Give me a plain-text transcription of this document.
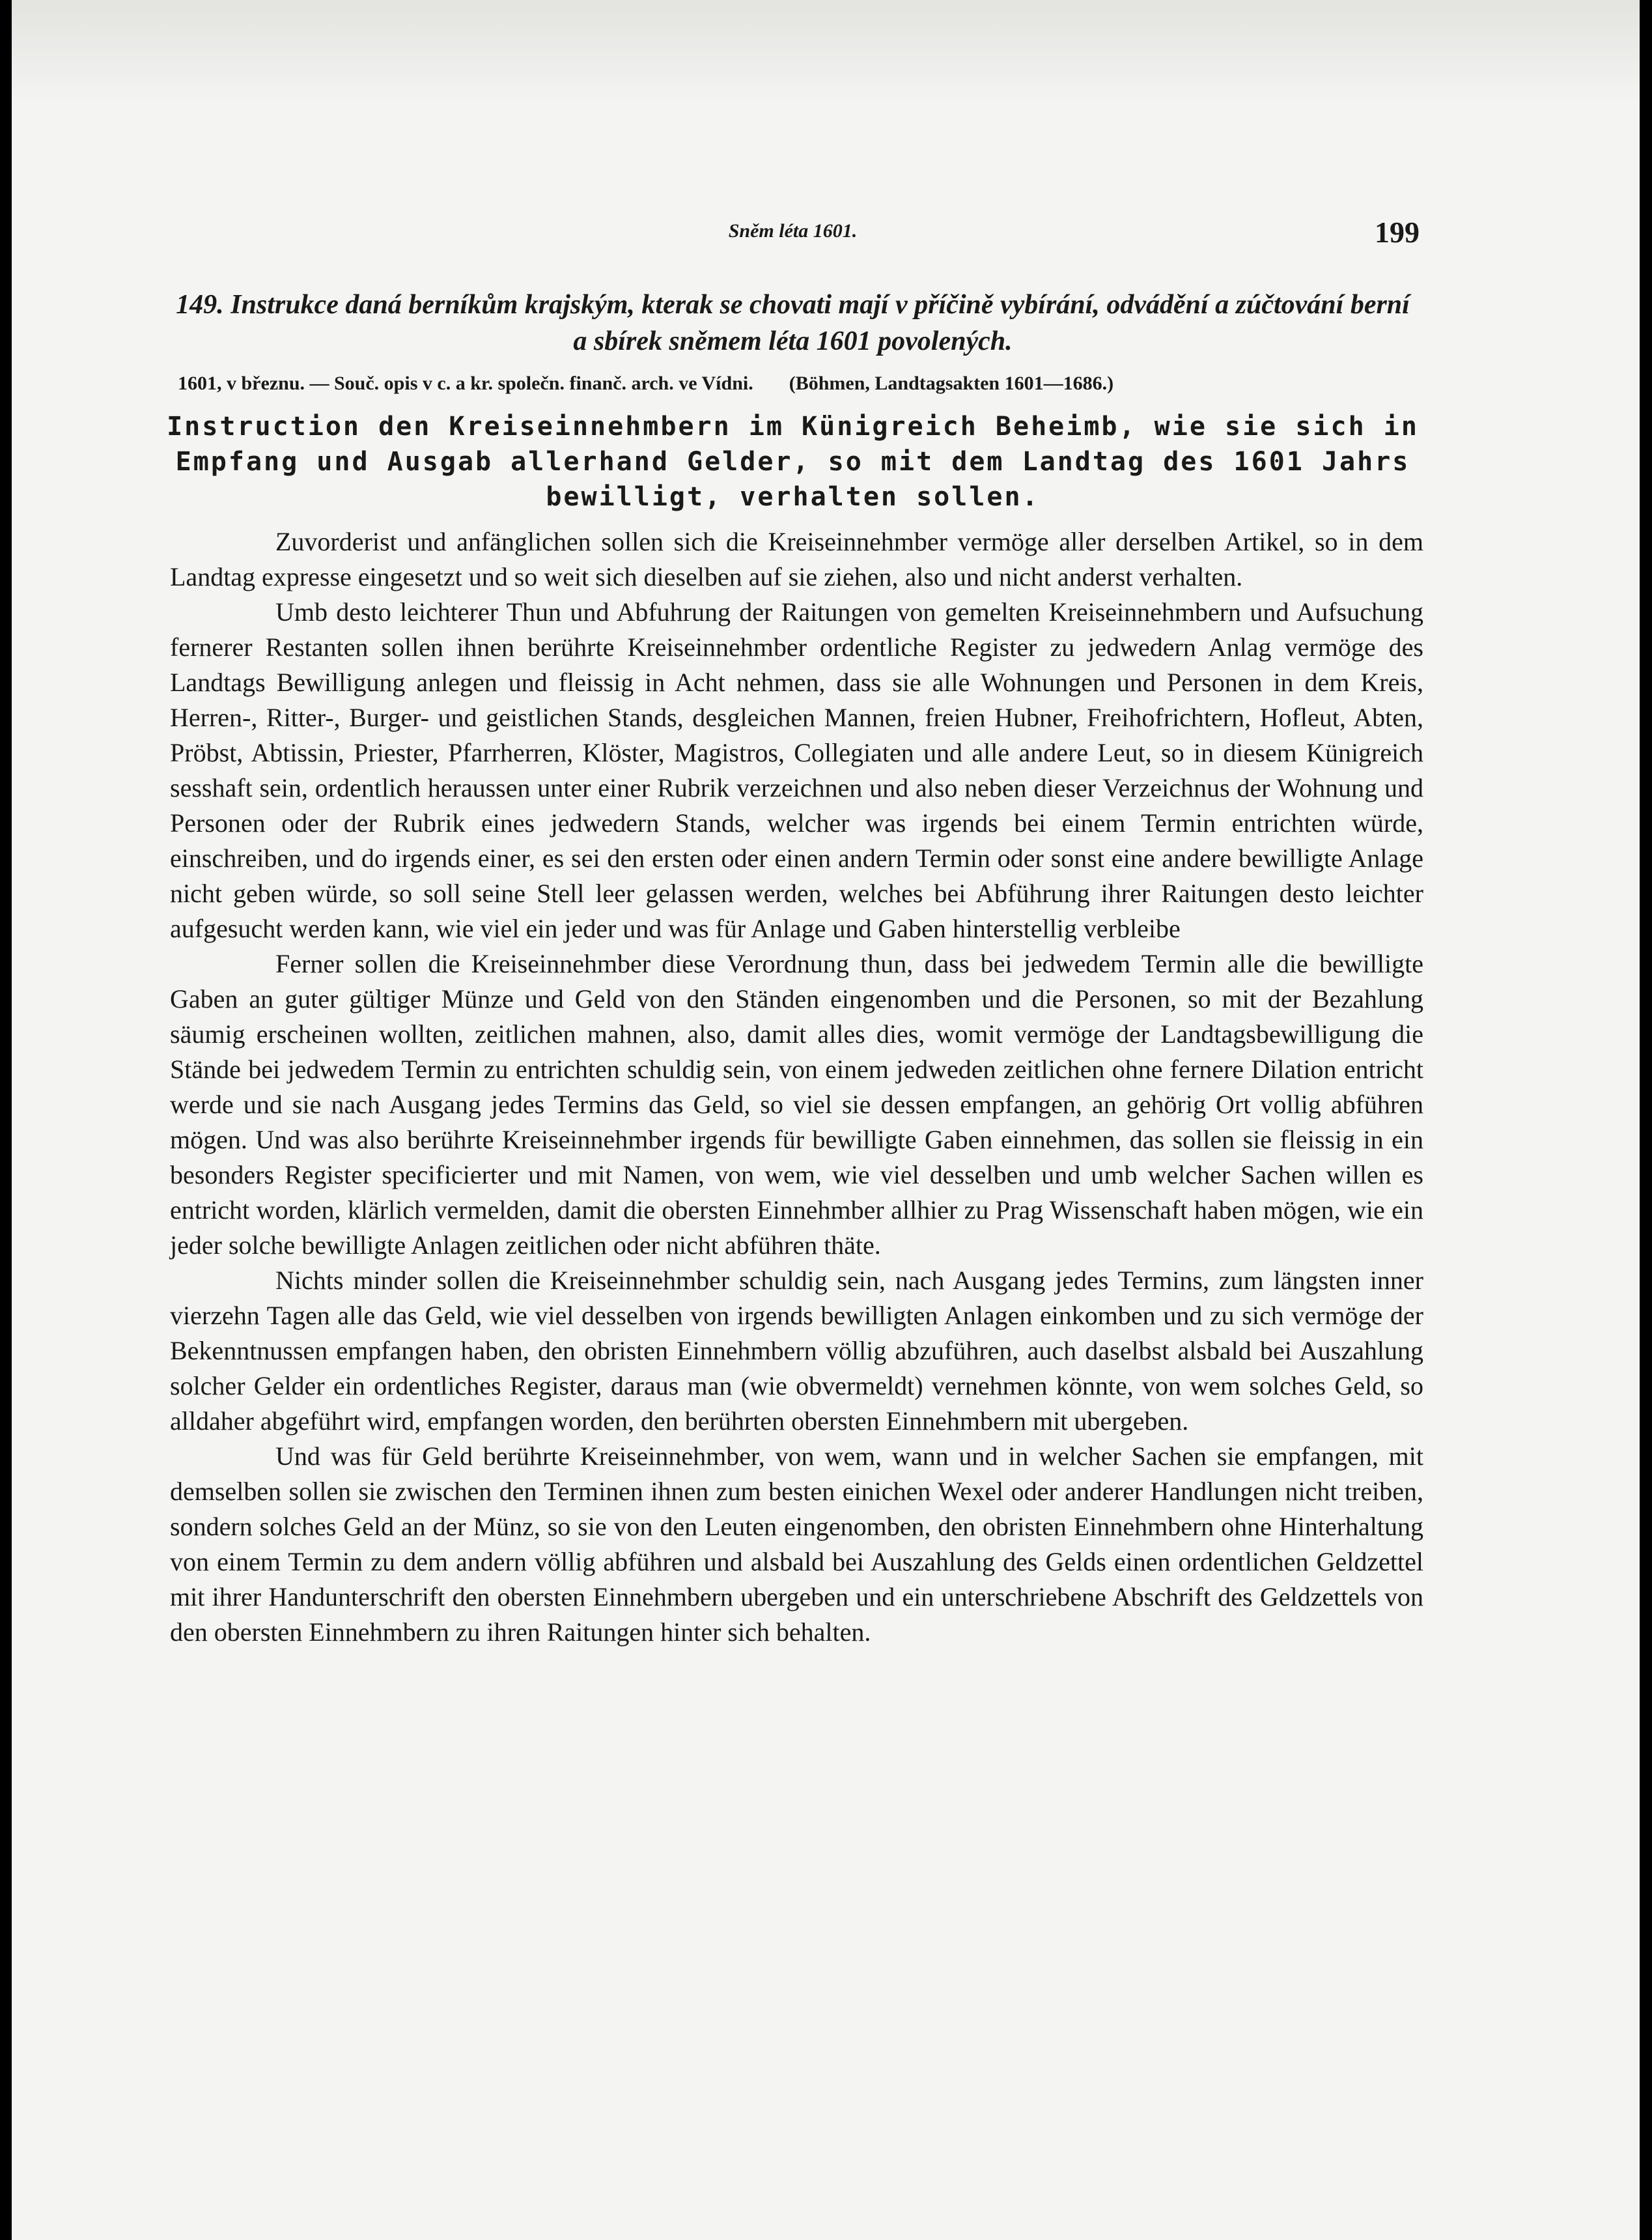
Sněm léta 1601.	199
149. Instrukce daná berníkům krajským, kterak se chovati mají v příčině vybírání, odvádění a zúčtování berní a sbírek sněmem léta 1601 povolených.
1601, v březnu. — Souč. opis v c. a kr. společn. finanč. arch. ve Vídni. (Böhmen, Landtagsakten 1601—1686.)
Instruction den Kreiseinnehmbern im Künigreich Beheimb, wie sie sich in Empfang und Ausgab allerhand Gelder, so mit dem Landtag des 1601 Jahrs bewilligt, verhalten sollen.

Zuvorderist und anfänglichen sollen sich die Kreiseinnehmber vermöge aller derselben Artikel, so in dem Landtag expresse eingesetzt und so weit sich dieselben auf sie ziehen, also und nicht anderst verhalten.

Umb desto leichterer Thun und Abfuhrung der Raitungen von gemelten Kreiseinnehmbern und Aufsuchung fernerer Restanten sollen ihnen berührte Kreiseinnehmber ordentliche Register zu jedwedern Anlag vermöge des Landtags Bewilligung anlegen und fleissig in Acht nehmen, dass sie alle Wohnungen und Personen in dem Kreis, Herren-, Ritter-, Burger- und geistlichen Stands, desgleichen Mannen, freien Hubner, Freihofrichtern, Hofleut, Abten, Pröbst, Abtissin, Priester, Pfarrherren, Klöster, Magistros, Collegiaten und alle andere Leut, so in diesem Künigreich sesshaft sein, ordentlich heraussen unter einer Rubrik verzeichnen und also neben dieser Verzeichnus der Wohnung und Personen oder der Rubrik eines jedwedern Stands, welcher was irgends bei einem Termin entrichten würde, einschreiben, und do irgends einer, es sei den ersten oder einen andern Termin oder sonst eine andere bewilligte Anlage nicht geben würde, so soll seine Stell leer gelassen werden, welches bei Abführung ihrer Raitungen desto leichter aufgesucht werden kann, wie viel ein jeder und was für Anlage und Gaben hinterstellig verbleibe

Ferner sollen die Kreiseinnehmber diese Verordnung thun, dass bei jedwedem Termin alle die bewilligte Gaben an guter gültiger Münze und Geld von den Ständen eingenomben und die Personen, so mit der Bezahlung säumig erscheinen wollten, zeitlichen mahnen, also, damit alles dies, womit vermöge der Landtagsbewilligung die Stände bei jedwedem Termin zu entrichten schuldig sein, von einem jedweden zeitlichen ohne fernere Dilation entricht werde und sie nach Ausgang jedes Termins das Geld, so viel sie dessen empfangen, an gehörig Ort vollig abführen mögen. Und was also berührte Kreiseinnehmber irgends für bewilligte Gaben einnehmen, das sollen sie fleissig in ein besonders Register specificierter und mit Namen, von wem, wie viel desselben und umb welcher Sachen willen es entricht worden, klärlich vermelden, damit die obersten Einnehmber allhier zu Prag Wissenschaft haben mögen, wie ein jeder solche bewilligte Anlagen zeitlichen oder nicht abführen thäte.

Nichts minder sollen die Kreiseinnehmber schuldig sein, nach Ausgang jedes Termins, zum längsten inner vierzehn Tagen alle das Geld, wie viel desselben von irgends bewilligten Anlagen einkomben und zu sich vermöge der Bekenntnussen empfangen haben, den obristen Einnehmbern völlig abzuführen, auch daselbst alsbald bei Auszahlung solcher Gelder ein ordentliches Register, daraus man (wie obvermeldt) vernehmen könnte, von wem solches Geld, so alldaher abgeführt wird, empfangen worden, den berührten obersten Einnehmbern mit ubergeben.

Und was für Geld berührte Kreiseinnehmber, von wem, wann und in welcher Sachen sie empfangen, mit demselben sollen sie zwischen den Terminen ihnen zum besten einichen Wexel oder anderer Handlungen nicht treiben, sondern solches Geld an der Münz, so sie von den Leuten eingenomben, den obristen Einnehmbern ohne Hinterhaltung von einem Termin zu dem andern völlig abführen und alsbald bei Auszahlung des Gelds einen ordentlichen Geldzettel mit ihrer Handunterschrift den obersten Einnehmbern ubergeben und ein unterschriebene Abschrift des Geldzettels von den obersten Einnehmbern zu ihren Raitungen hinter sich behalten.
